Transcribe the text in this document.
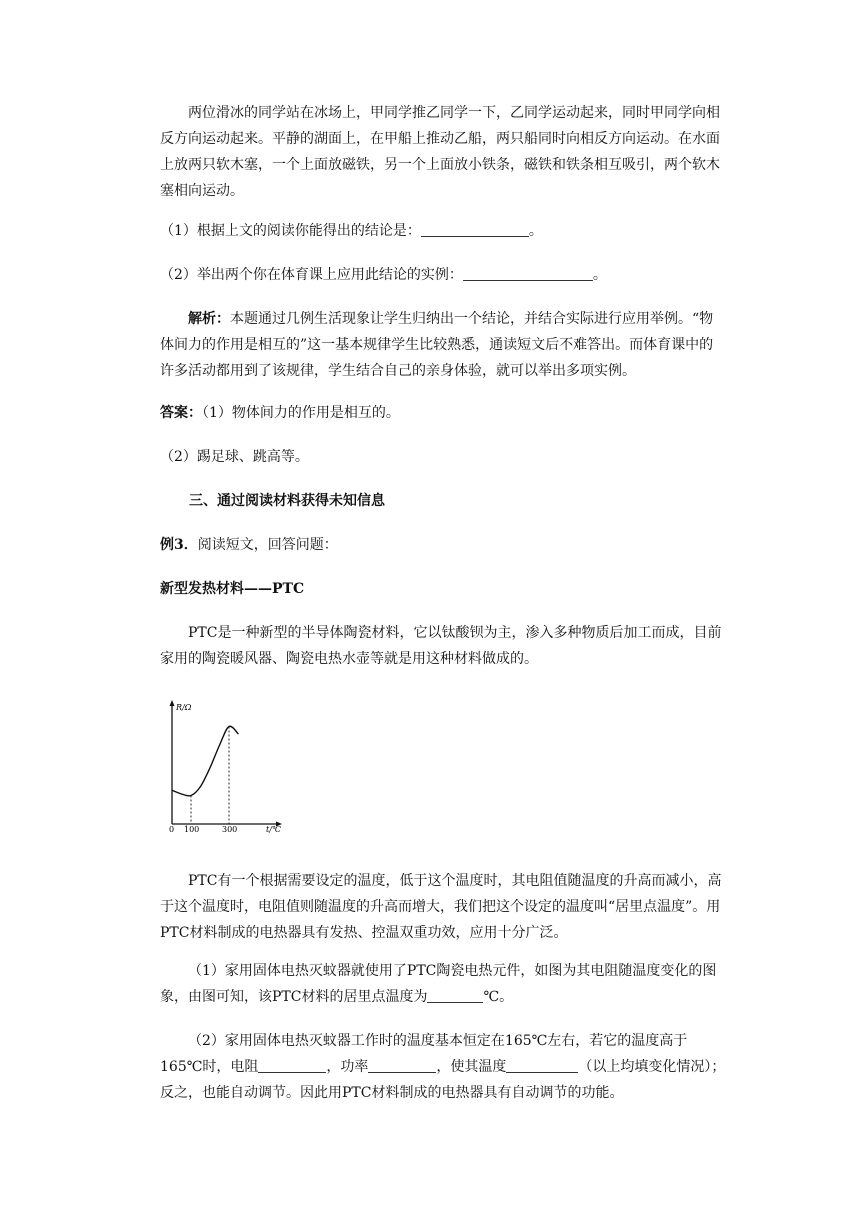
两位滑冰的同学站在冰场上，甲同学推乙同学一下，乙同学运动起来，同时甲同学向相反方向运动起来。平静的湖面上，在甲船上推动乙船，两只船同时向相反方向运动。在水面上放两只软木塞，一个上面放磁铁，另一个上面放小铁条，磁铁和铁条相互吸引，两个软木塞相向运动。

（1）根据上文的阅读你能得出的结论是：	。

（2）举出两个你在体育课上应用此结论的实例：	。

解析：本题通过几例生活现象让学生归纳出一个结论，并结合实际进行应用举例。“物体间力的作用是相互的”这一基本规律学生比较熟悉，通读短文后不难答出。而体育课中的许多活动都用到了该规律，学生结合自己的亲身体验，就可以举出多项实例。

答案：（1）物体间力的作用是相互的。

（2）踢足球、跳高等。

三、通过阅读材料获得未知信息

例3．阅读短文，回答问题：

新型发热材料——PTC

PTC是一种新型的半导体陶瓷材料，它以钛酸钡为主，渗入多种物质后加工而成，目前家用的陶瓷暖风器、陶瓷电热水壶等就是用这种材料做成的。

R/Ω
t/℃
0 100	300

PTC有一个根据需要设定的温度，低于这个温度时，其电阻值随温度的升高而减小，高于这个温度时，电阻值则随温度的升高而增大，我们把这个设定的温度叫“居里点温度”。用PTC材料制成的电热器具有发热、控温双重功效，应用十分广泛。

（1）家用固体电热灭蚊器就使用了PTC陶瓷电热元件，如图为其电阻随温度变化的图象，由图可知，该PTC材料的居里点温度为	℃。

（2）家用固体电热灭蚊器工作时的温度基本恒定在165℃左右，若它的温度高于165℃时，电阻	，功率	，使其温度	（以上均填变化情况）；反之，也能自动调节。因此用PTC材料制成的电热器具有自动调节的功能。
